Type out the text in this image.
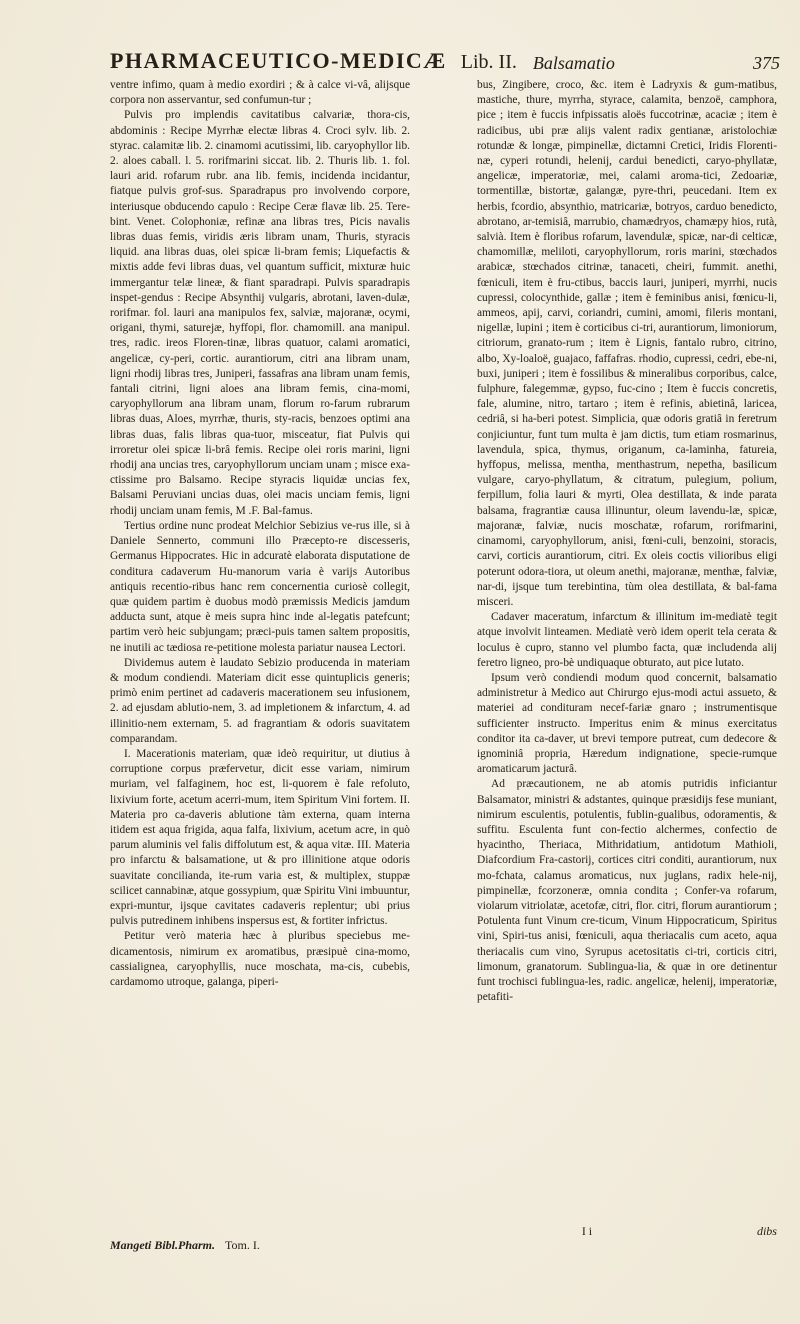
PHARMACEUTICO-MEDICÆ Lib. II. Balsamatio	375

ventre infimo, quam à medio exordiri ; & à calce vi-vâ, alijsque corpora non asservantur, sed confumun-tur ;

Pulvis pro implendis cavitatibus calvariæ, thora-cis, abdominis : Recipe Myrrhæ electæ libras 4. Croci sylv. lib. 2. styrac. calamitæ lib. 2. cinamomi acutissimi, lib. caryophyllor lib. 2. aloes caball. l. 5. rorifmarini siccat. lib. 2. Thuris lib. 1. fol. lauri arid. rofarum rubr. ana lib. femis, incidenda incidantur, fiatque pulvis grof-sus. Sparadrapus pro involvendo corpore, interiusque obducendo capulo : Recipe Ceræ flavæ lib. 25. Tere-bint. Venet. Colophoniæ, refinæ ana libras tres, Picis navalis libras duas femis, viridis æris libram unam, Thuris, styracis liquid. ana libras duas, olei spicæ li-bram femis; Liquefactis & mixtis adde fevi libras duas, vel quantum sufficit, mixturæ huic immergantur telæ lineæ, & fiant sparadrapi. Pulvis sparadrapis inspet-gendus : Recipe Absynthij vulgaris, abrotani, laven-dulæ, rorifmar. fol. lauri ana manipulos fex, salviæ, majoranæ, ocymi, origani, thymi, saturejæ, hyffopi, flor. chamomill. ana manipul. tres, radic. ireos Floren-tinæ, libras quatuor, calami aromatici, angelicæ, cy-peri, cortic. aurantiorum, citri ana libram unam, ligni rhodij libras tres, Juniperi, fassafras ana libram unam femis, fantali citrini, ligni aloes ana libram femis, cina-momi, caryophyllorum ana libram unam, florum ro-farum rubrarum libras duas, Aloes, myrrhæ, thuris, sty-racis, benzoes optimi ana libras duas, falis libras qua-tuor, misceatur, fiat Pulvis qui irroretur olei spicæ li-brâ femis. Recipe olei roris marini, ligni rhodij ana uncias tres, caryophyllorum unciam unam ; misce exa-ctissime pro Balsamo. Recipe styracis liquidæ uncias fex, Balsami Peruviani uncias duas, olei macis unciam femis, ligni rhodij unciam unam femis, M .F. Bal-famus.

Tertius ordine nunc prodeat Melchior Sebizius ve-rus ille, si à Daniele Sennerto, communi illo Præcepto-re discesseris, Germanus Hippocrates. Hic in adcuratè elaborata disputatione de conditura cadaverum Hu-manorum varia è varijs Autoribus antiquis recentio-ribus hanc rem concernentia curiosè collegit, quæ quidem partim è duobus modò præmissis Medicis jamdum adducta sunt, atque è meis supra hinc inde al-legatis patefcunt; partim verò heic subjungam; præci-puis tamen saltem propositis, ne inutili ac tædiosa re-petitione molesta pariatur nausea Lectori.

Dividemus autem è laudato Sebizio producenda in materiam & modum condiendi. Materiam dicit esse quintuplicis generis; primò enim pertinet ad cadaveris macerationem seu infusionem, 2. ad ejusdam ablutio-nem, 3. ad impletionem & infarctum, 4. ad illinitio-nem externam, 5. ad fragrantiam & odoris suavitatem comparandam.

I. Macerationis materiam, quæ ideò requiritur, ut diutius à corruptione corpus præfervetur, dicit esse variam, nimirum muriam, vel falfaginem, hoc est, li-quorem è fale refoluto, lixivium forte, acetum acerri-mum, item Spiritum Vini fortem. II. Materia pro ca-daveris ablutione tàm externa, quam interna itidem est aqua frigida, aqua falfa, lixivium, acetum acre, in quò parum aluminis vel falis diffolutum est, & aqua vitæ. III. Materia pro infarctu & balsamatione, ut & pro illinitione atque odoris suavitate concilianda, ite-rum varia est, & multiplex, stuppæ scilicet cannabinæ, atque gossypium, quæ Spiritu Vini imbuuntur, expri-muntur, ijsque cavitates cadaveris replentur; ubi prius pulvis putredinem inhibens inspersus est, & fortiter infrictus.

Petitur verò materia hæc à pluribus speciebus me-dicamentosis, nimirum ex aromatibus, præsipuè cina-momo, cassialignea, caryophyllis, nuce moschata, ma-cis, cubebis, cardamomo utroque, galanga, piperi-

bus, Zingibere, croco, &c. item è Ladryxis & gum-matibus, mastiche, thure, myrrha, styrace, calamita, benzoë, camphora, pice ; item è fuccis infpissatis aloës fuccotrinæ, acaciæ ; item è radicibus, ubi præ alijs valent radix gentianæ, aristolochiæ rotundæ & longæ, pimpinellæ, dictamni Cretici, Iridis Florenti-næ, cyperi rotundi, helenij, cardui benedicti, caryo-phyllatæ, angelicæ, imperatoriæ, mei, calami aroma-tici, Zedoariæ, tormentillæ, bistortæ, galangæ, pyre-thri, peucedani. Item ex herbis, fcordio, absynthio, matricariæ, botryos, carduo benedicto, abrotano, ar-temisiâ, marrubio, chamædryos, chamæpy hios, rutà, salvià. Item è floribus rofarum, lavendulæ, spicæ, nar-di celticæ, chamomillæ, meliloti, caryophyllorum, roris marini, stœchados arabicæ, stœchados citrinæ, tanaceti, cheiri, fummit. anethi, fœniculi, item è fru-ctibus, baccis lauri, juniperi, myrrhi, nucis cupressi, colocynthide, gallæ ; item è feminibus anisi, fœnicu-li, ammeos, apij, carvi, coriandri, cumini, amomi, fileris montani, nigellæ, lupini ; item è corticibus ci-tri, aurantiorum, limoniorum, citriorum, granato-rum ; item è Lignis, fantalo rubro, citrino, albo, Xy-loaloë, guajaco, faffafras. rhodio, cupressi, cedri, ebe-ni, buxi, juniperi ; item è fossilibus & mineralibus corporibus, calce, fulphure, falegemmæ, gypso, fuc-cino ; Item è fuccis concretis, fale, alumine, nitro, tartaro ; item è refinis, abietinâ, laricea, cedriâ, si ha-beri potest. Simplicia, quæ odoris gratiâ in feretrum conjiciuntur, funt tum multa è jam dictis, tum etiam rosmarinus, lavendula, spica, thymus, origanum, ca-laminha, fatureia, hyffopus, melissa, mentha, menthastrum, nepetha, basilicum vulgare, caryo-phyllatum, & citratum, pulegium, polium, ferpillum, folia lauri & myrti, Olea destillata, & inde parata balsama, fragrantiæ causa illinuntur, oleum lavendu-læ, spicæ, majoranæ, falviæ, nucis moschatæ, rofarum, rorifmarini, cinamomi, caryophyllorum, anisi, fœni-culi, benzoini, storacis, carvi, corticis aurantiorum, citri. Ex oleis coctis vilioribus eligi poterunt odora-tiora, ut oleum anethi, majoranæ, menthæ, falviæ, nar-di, ijsque tum terebintina, tùm olea destillata, & bal-fama misceri.

Cadaver maceratum, infarctum & illinitum im-mediatè tegit atque involvit linteamen. Mediatè verò idem operit tela cerata & loculus è cupro, stanno vel plumbo facta, quæ includenda alij feretro ligneo, pro-bè undiquaque obturato, aut pice lutato.

Ipsum verò condiendi modum quod concernit, balsamatio administretur à Medico aut Chirurgo ejus-modi actui assueto, & materiei ad condituram necef-fariæ gnaro ; instrumentisque sufficienter instructo. Imperitus enim & minus exercitatus conditor ita ca-daver, ut brevi tempore putreat, cum dedecore & ignominiâ propria, Hæredum indignatione, specie-rumque aromaticarum jacturâ.

Ad præcautionem, ne ab atomis putridis inficiantur Balsamator, ministri & adstantes, quinque præsidijs fese muniant, nimirum esculentis, potulentis, fublin-gualibus, odoramentis, & suffitu. Esculenta funt con-fectio alchermes, confectio de hyacintho, Theriaca, Mithridatium, antidotum Mathioli, Diafcordium Fra-castorij, cortices citri conditi, aurantiorum, nux mo-fchata, calamus aromaticus, nux juglans, radix hele-nij, pimpinellæ, fcorzoneræ, omnia condita ; Confer-va rofarum, violarum vitriolatæ, acetofæ, citri, flor. citri, florum aurantiorum ; Potulenta funt Vinum cre-ticum, Vinum Hippocraticum, Spiritus vini, Spiri-tus anisi, fœniculi, aqua theriacalis cum aceto, aqua theriacalis cum vino, Syrupus acetositatis ci-tri, corticis citri, limonum, granatorum. Sublingua-lia, & quæ in ore detinentur funt trochisci fublingua-les, radic. angelicæ, helenij, imperatoriæ, petafiti-

Mangeti Bibl.Pharm. Tom. I.
I i	dibs
